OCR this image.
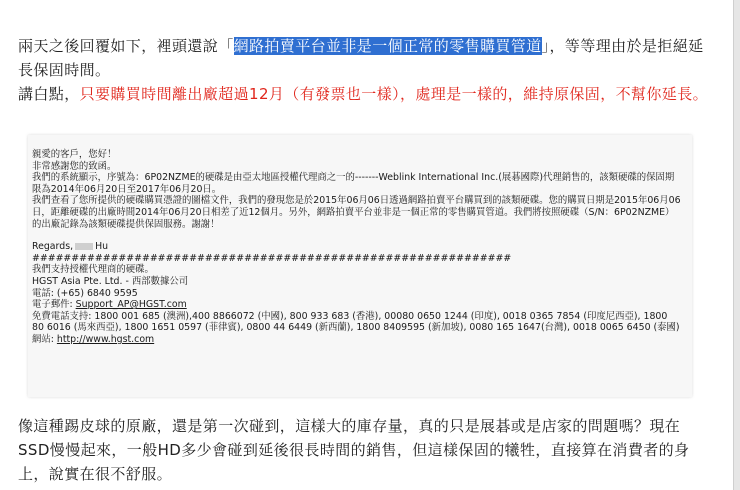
兩天之後回覆如下，裡頭還說「網路拍賣平台並非是一個正常的零售購買管道」，等等理由於是拒絕延長保固時間。
講白點，只要購買時間離出廠超過12月（有發票也一樣），處理是一樣的，維持原保固，不幫你延長。
親愛的客戶，您好！
非常感謝您的致函。
我們的系統顯示，序號為：6P02NZME的硬碟是由亞太地區授權代理商之一的-------Weblink International Inc.(展碁國際)代理銷售的，該類硬碟的保固期限為2014年06月20日至2017年06月20日。
我們查看了您所提供的硬碟購買憑證的圖檔文件，我們的發現您是於2015年06月06日透過網路拍賣平台購買到的該類硬碟。您的購買日期是2015年06月06日，距離硬碟的出廠時間2014年06月20日相差了近12個月。另外，網路拍賣平台並非是一個正常的零售購買管道。我們將按照硬碟（S/N：6P02NZME）的出廠記錄為該類硬碟提供保固服務。謝謝！
Regards, Hu
#############################################################
我們支持授權代理商的硬碟。
HGST Asia Pte. Ltd. - 西部數據公司
電話: (+65) 6840 9595
電子郵件: Support_AP@HGST.com
免費電話支持: 1800 001 685 (澳洲),400 8866072 (中國), 800 933 683 (香港), 00080 0650 1244 (印度), 0018 0365 7854 (印度尼西亞), 1800 80 6016 (馬來西亞), 1800 1651 0597 (菲律賓), 0800 44 6449 (新西蘭), 1800 8409595 (新加坡), 0080 165 1647(台灣), 0018 0065 6450 (泰國)
網站: http://www.hgst.com
像這種踢皮球的原廠，還是第一次碰到，這樣大的庫存量，真的只是展碁或是店家的問題嗎？現在SSD慢慢起來，一般HD多少會碰到延後很長時間的銷售，但這樣保固的犧牲，直接算在消費者的身上，說實在很不舒服。
